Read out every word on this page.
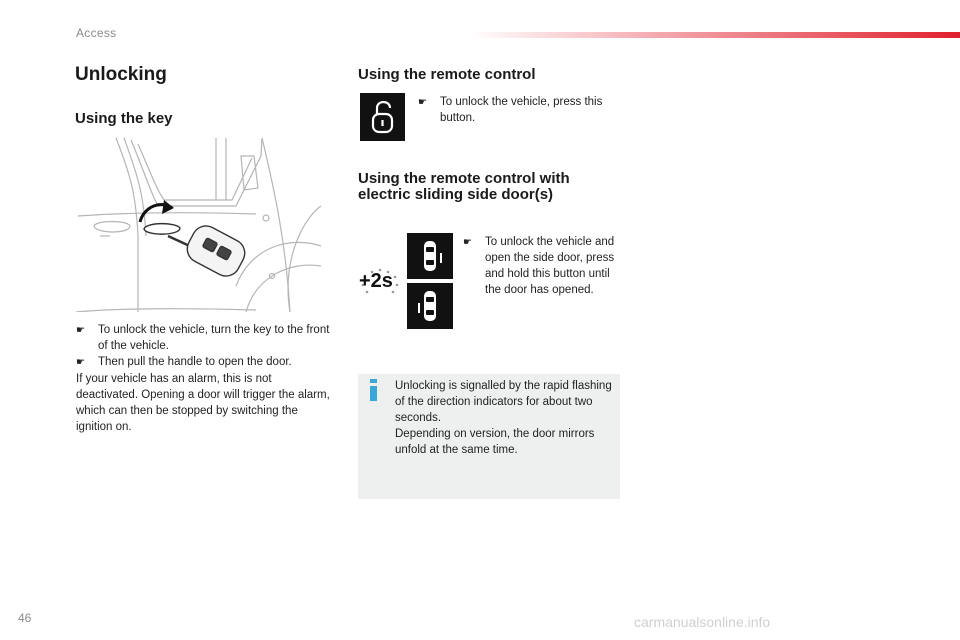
Access
Unlocking
Using the key
☛	To unlock the vehicle, turn the key to the front of the vehicle.
☛	Then pull the handle to open the door.
If your vehicle has an alarm, this is not deactivated. Opening a door will trigger the alarm, which can then be stopped by switching the ignition on.
Using the remote control
☛	To unlock the vehicle, press this button.
Using the remote control with
electric sliding side door(s)
+2s
☛	To unlock the vehicle and open the side door, press and hold this button until the door has opened.
Unlocking is signalled by the rapid flashing of the direction indicators for about two seconds.
Depending on version, the door mirrors unfold at the same time.
46	carmanualsonline.info
